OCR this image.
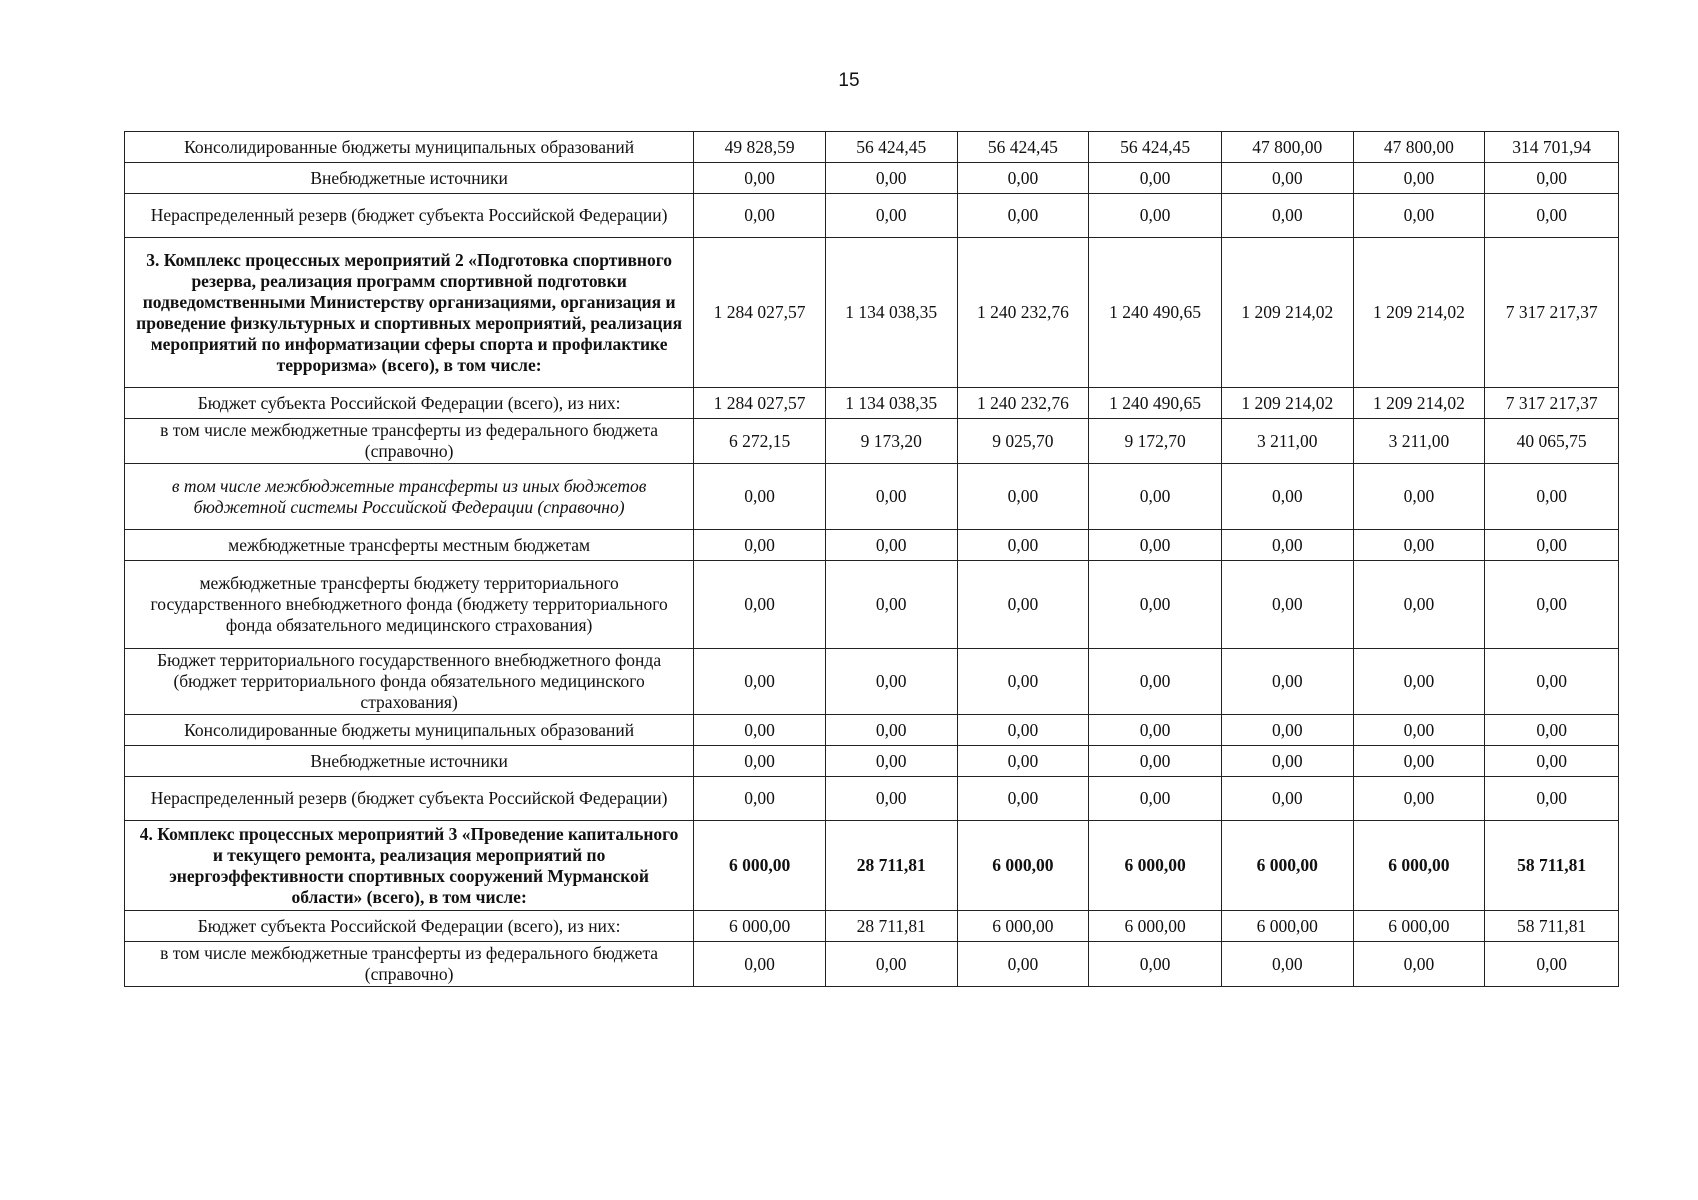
15
Консолидированные бюджеты муниципальных образований	49 828,59	56 424,45	56 424,45	56 424,45	47 800,00	47 800,00	314 701,94
Внебюджетные источники	0,00	0,00	0,00	0,00	0,00	0,00	0,00
Нераспределенный резерв (бюджет субъекта Российской Федерации)	0,00	0,00	0,00	0,00	0,00	0,00	0,00
3. Комплекс процессных мероприятий 2 «Подготовка спортивного резерва, реализация программ спортивной подготовки подведомственными Министерству организациями, организация и проведение физкультурных и спортивных мероприятий, реализация мероприятий по информатизации сферы спорта и профилактике терроризма» (всего), в том числе:	1 284 027,57	1 134 038,35	1 240 232,76	1 240 490,65	1 209 214,02	1 209 214,02	7 317 217,37
Бюджет субъекта Российской Федерации (всего), из них:	1 284 027,57	1 134 038,35	1 240 232,76	1 240 490,65	1 209 214,02	1 209 214,02	7 317 217,37
в том числе межбюджетные трансферты из федерального бюджета (справочно)	6 272,15	9 173,20	9 025,70	9 172,70	3 211,00	3 211,00	40 065,75
в том числе межбюджетные трансферты из иных бюджетов бюджетной системы Российской Федерации (справочно)	0,00	0,00	0,00	0,00	0,00	0,00	0,00
межбюджетные трансферты местным бюджетам	0,00	0,00	0,00	0,00	0,00	0,00	0,00
межбюджетные трансферты бюджету территориального государственного внебюджетного фонда (бюджету территориального фонда обязательного медицинского страхования)	0,00	0,00	0,00	0,00	0,00	0,00	0,00
Бюджет территориального государственного внебюджетного фонда (бюджет территориального фонда обязательного медицинского страхования)	0,00	0,00	0,00	0,00	0,00	0,00	0,00
Консолидированные бюджеты муниципальных образований	0,00	0,00	0,00	0,00	0,00	0,00	0,00
Внебюджетные источники	0,00	0,00	0,00	0,00	0,00	0,00	0,00
Нераспределенный резерв (бюджет субъекта Российской Федерации)	0,00	0,00	0,00	0,00	0,00	0,00	0,00
4. Комплекс процессных мероприятий 3 «Проведение капитального и текущего ремонта, реализация мероприятий по энергоэффективности спортивных сооружений Мурманской области» (всего), в том числе:	6 000,00	28 711,81	6 000,00	6 000,00	6 000,00	6 000,00	58 711,81
Бюджет субъекта Российской Федерации (всего), из них:	6 000,00	28 711,81	6 000,00	6 000,00	6 000,00	6 000,00	58 711,81
в том числе межбюджетные трансферты из федерального бюджета (справочно)	0,00	0,00	0,00	0,00	0,00	0,00	0,00
